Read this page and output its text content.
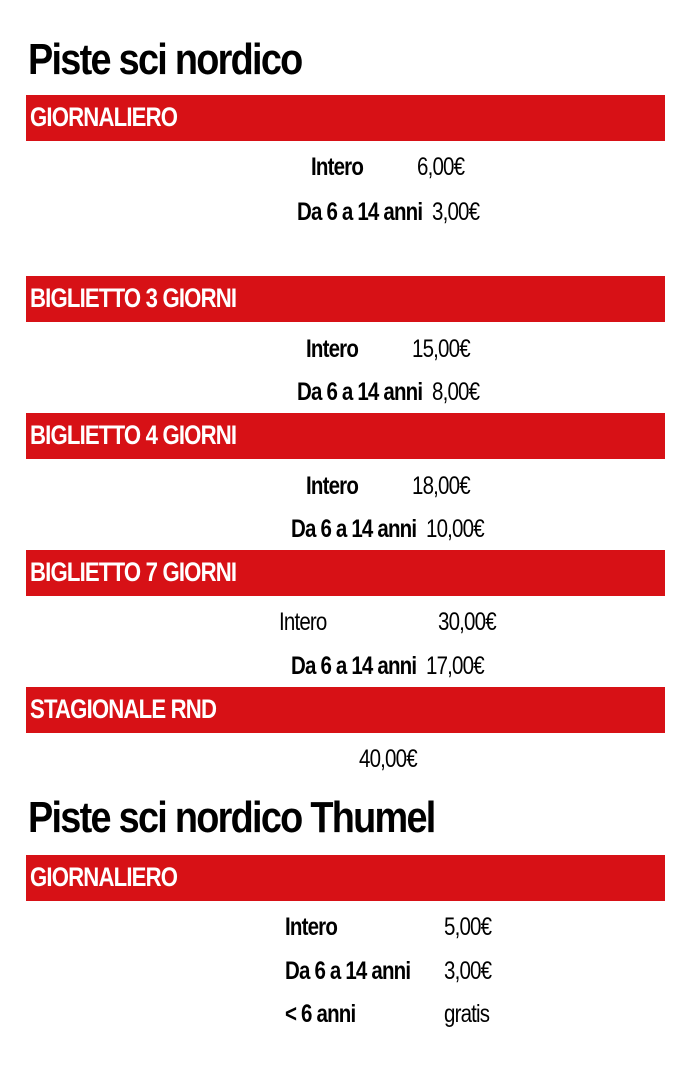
Piste sci nordico
GIORNALIERO
Intero 6,00€
Da 6 a 14 anni 3,00€
BIGLIETTO 3 GIORNI
Intero 15,00€
Da 6 a 14 anni 8,00€
BIGLIETTO 4 GIORNI
Intero 18,00€
Da 6 a 14 anni 10,00€
BIGLIETTO 7 GIORNI
Intero	30,00€
Da 6 a 14 anni 17,00€
STAGIONALE RND
40,00€
Piste sci nordico Thumel
GIORNALIERO
Intero	5,00€
Da 6 a 14 anni 3,00€
< 6 anni	gratis
